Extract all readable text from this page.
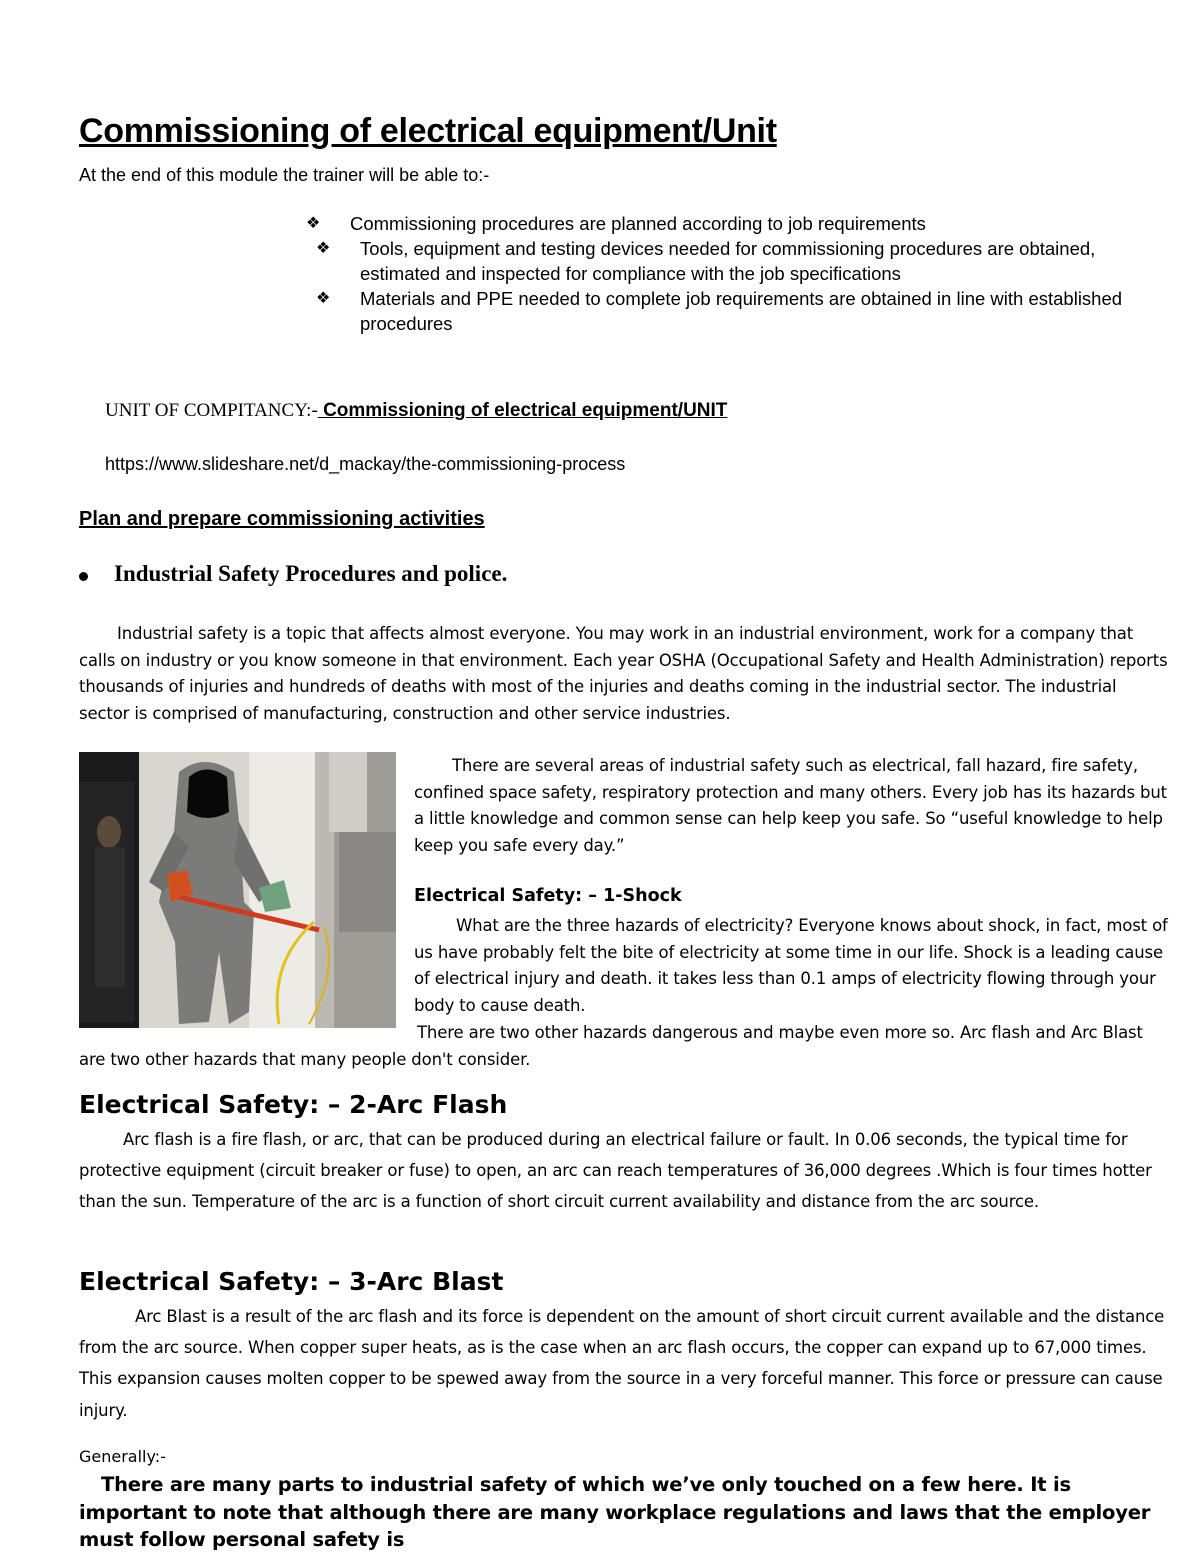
Commissioning of electrical equipment/Unit
At the end of this module the trainer will be able to:-
❖ Commissioning procedures are planned according to job requirements
❖ Tools, equipment and testing devices needed for commissioning procedures are obtained, estimated and inspected for compliance with the job specifications
❖ Materials and PPE needed to complete job requirements are obtained in line with established procedures
UNIT OF COMPITANCY:- Commissioning of electrical equipment/UNIT
https://www.slideshare.net/d_mackay/the-commissioning-process
Plan and prepare commissioning activities
Industrial Safety Procedures and police.

Industrial safety is a topic that affects almost everyone. You may work in an industrial environment, work for a company that calls on industry or you know someone in that environment. Each year OSHA (Occupational Safety and Health Administration) reports thousands of injuries and hundreds of deaths with most of the injuries and deaths coming in the industrial sector. The industrial sector is comprised of manufacturing, construction and other service industries.

There are several areas of industrial safety such as electrical, fall hazard, fire safety, confined space safety, respiratory protection and many others. Every job has its hazards but a little knowledge and common sense can help keep you safe. So “useful knowledge to help keep you safe every day.”

Electrical Safety: – 1-Shock

What are the three hazards of electricity? Everyone knows about shock, in fact, most of us have probably felt the bite of electricity at some time in our life. Shock is a leading cause of electrical injury and death. it takes less than 0.1 amps of electricity flowing through your body to cause death.

There are two other hazards dangerous and maybe even more so. Arc flash and Arc Blast are two other hazards that many people don't consider.

Electrical Safety: – 2-Arc Flash

Arc flash is a fire flash, or arc, that can be produced during an electrical failure or fault. In 0.06 seconds, the typical time for protective equipment (circuit breaker or fuse) to open, an arc can reach temperatures of 36,000 degrees .Which is four times hotter than the sun. Temperature of the arc is a function of short circuit current availability and distance from the arc source.

Electrical Safety: – 3-Arc Blast

Arc Blast is a result of the arc flash and its force is dependent on the amount of short circuit current available and the distance from the arc source. When copper super heats, as is the case when an arc flash occurs, the copper can expand up to 67,000 times. This expansion causes molten copper to be spewed away from the source in a very forceful manner. This force or pressure can cause injury.

Generally:-

There are many parts to industrial safety of which we’ve only touched on a few here. It is important to note that although there are many workplace regulations and laws that the employer must follow personal safety is
